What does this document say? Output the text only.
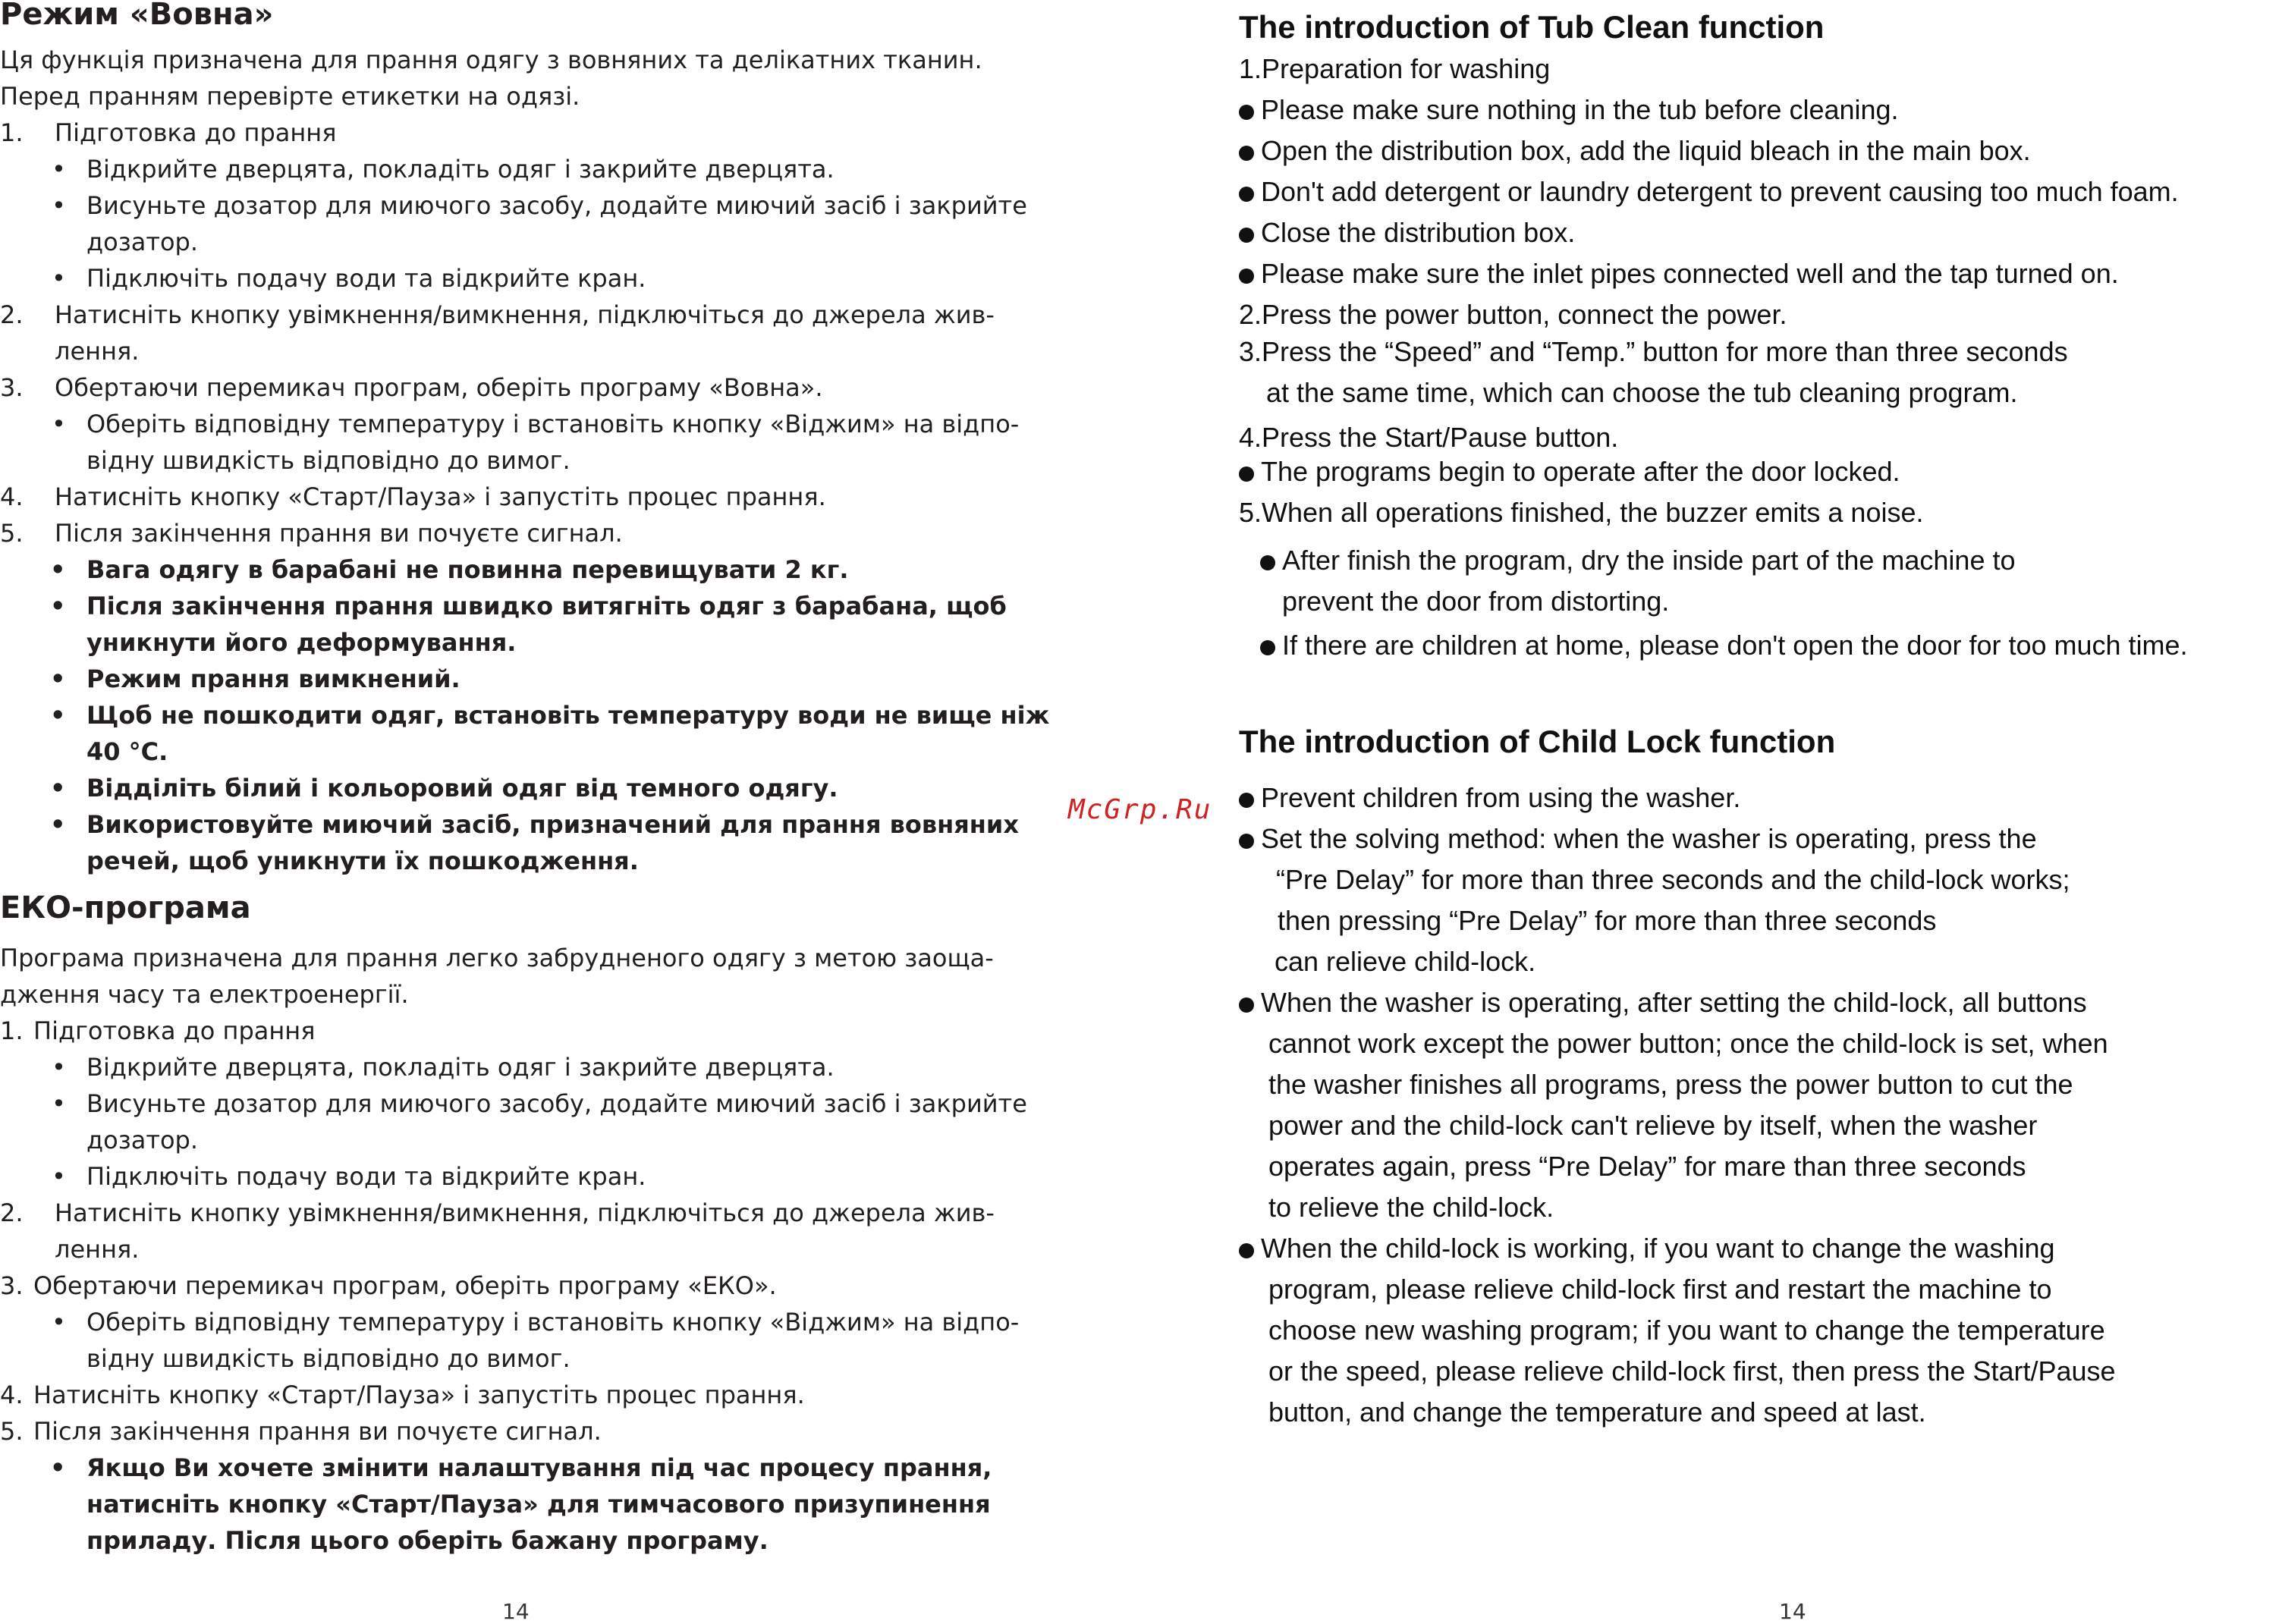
Режим «Вовна»
Ця функція призначена для прання одягу з вовняних та делікатних тканин.
Перед пранням перевірте етикетки на одязі.
1. Підготовка до прання
• Відкрийте дверцята, покладіть одяг і закрийте дверцята.
• Висуньте дозатор для миючого засобу, додайте миючий засіб і закрийте
дозатор.
• Підключіть подачу води та відкрийте кран.
2. Натисніть кнопку увімкнення/вимкнення, підключіться до джерела жив-
лення.
3. Обертаючи перемикач програм, оберіть програму «Вовна».
• Оберіть відповідну температуру і встановіть кнопку «Віджим» на відпо-
відну швидкість відповідно до вимог.
4. Натисніть кнопку «Старт/Пауза» і запустіть процес прання.
5. Після закінчення прання ви почуєте сигнал.
• Вага одягу в барабані не повинна перевищувати 2 кг.
• Після закінчення прання швидко витягніть одяг з барабана, щоб
уникнути його деформування.
• Режим прання вимкнений.
• Щоб не пошкодити одяг, встановіть температуру води не вище ніж
40 °C.
• Відділіть білий і кольоровий одяг від темного одягу.
• Використовуйте миючий засіб, призначений для прання вовняних
речей, щоб уникнути їх пошкодження.
ЕКО-програма
Програма призначена для прання легко забрудненого одягу з метою заоща-
дження часу та електроенергії.
1. Підготовка до прання
• Відкрийте дверцята, покладіть одяг і закрийте дверцята.
• Висуньте дозатор для миючого засобу, додайте миючий засіб і закрийте
дозатор.
• Підключіть подачу води та відкрийте кран.
2. Натисніть кнопку увімкнення/вимкнення, підключіться до джерела жив-
лення.
3. Обертаючи перемикач програм, оберіть програму «ЕКО».
• Оберіть відповідну температуру і встановіть кнопку «Віджим» на відпо-
відну швидкість відповідно до вимог.
4. Натисніть кнопку «Старт/Пауза» і запустіть процес прання.
5. Після закінчення прання ви почуєте сигнал.
• Якщо Ви хочете змінити налаштування під час процесу прання,
натисніть кнопку «Старт/Пауза» для тимчасового призупинення
приладу. Після цього оберіть бажану програму.
14
McGrp.Ru
The introduction of Tub Clean function
1.Preparation for washing
Please make sure nothing in the tub before cleaning.
Open the distribution box, add the liquid bleach in the main box.
Don't add detergent or laundry detergent to prevent causing too much foam.
Close the distribution box.
Please make sure the inlet pipes connected well and the tap turned on.
2.Press the power button, connect the power.
3.Press the “Speed” and “Temp.” button for more than three seconds
at the same time, which can choose the tub cleaning program.
4.Press the Start/Pause button.
The programs begin to operate after the door locked.
5.When all operations finished, the buzzer emits a noise.
After finish the program, dry the inside part of the machine to
prevent the door from distorting.
If there are children at home, please don't open the door for too much time.
The introduction of Child Lock function
Prevent children from using the washer.
Set the solving method: when the washer is operating, press the
“Pre Delay” for more than three seconds and the child-lock works;
then pressing “Pre Delay” for more than three seconds
can relieve child-lock.
When the washer is operating, after setting the child-lock, all buttons
cannot work except the power button; once the child-lock is set, when
the washer finishes all programs, press the power button to cut the
power and the child-lock can't relieve by itself, when the washer
operates again, press “Pre Delay” for mare than three seconds
to relieve the child-lock.
When the child-lock is working, if you want to change the washing
program, please relieve child-lock first and restart the machine to
choose new washing program; if you want to change the temperature
or the speed, please relieve child-lock first, then press the Start/Pause
button, and change the temperature and speed at last.
14
